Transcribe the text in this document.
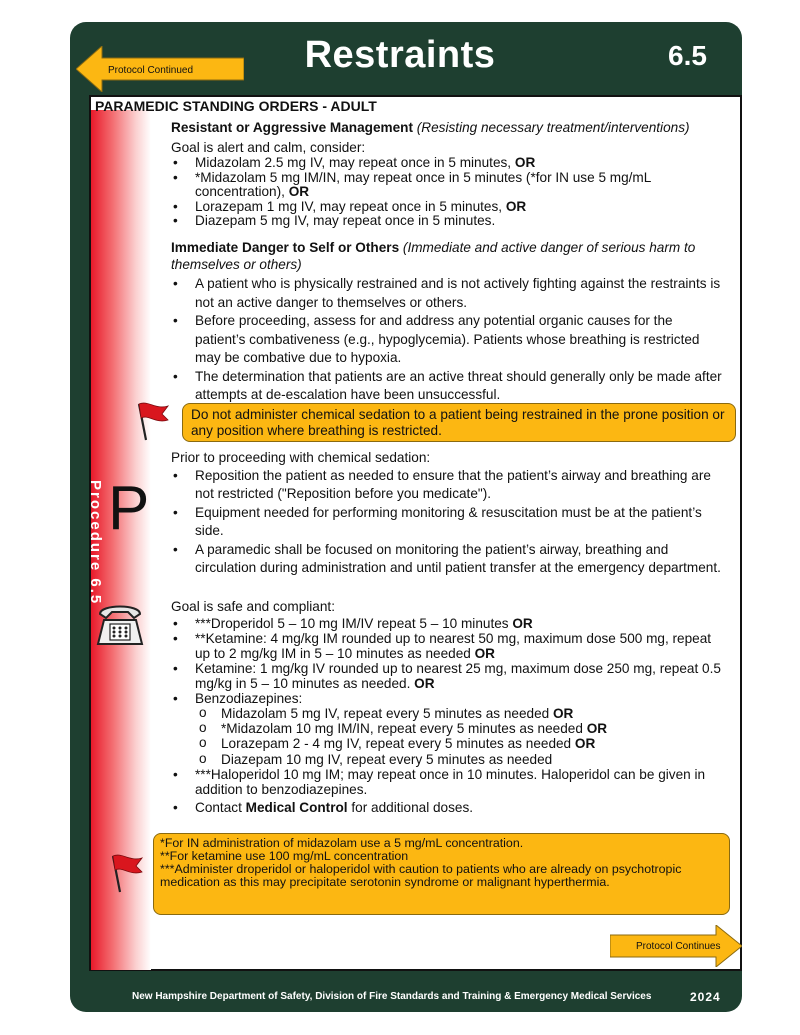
Protocol Continued	Restraints	6.5
Procedure 6.5 P
PARAMEDIC STANDING ORDERS - ADULT
Resistant or Aggressive Management (Resisting necessary treatment/interventions)
Goal is alert and calm, consider:
• Midazolam 2.5 mg IV, may repeat once in 5 minutes, OR
• *Midazolam 5 mg IM/IN, may repeat once in 5 minutes (*for IN use 5 mg/mL concentration), OR
• Lorazepam 1 mg IV, may repeat once in 5 minutes, OR
• Diazepam 5 mg IV, may repeat once in 5 minutes.
Immediate Danger to Self or Others (Immediate and active danger of serious harm to themselves or others)
• A patient who is physically restrained and is not actively fighting against the restraints is not an active danger to themselves or others.
• Before proceeding, assess for and address any potential organic causes for the patient’s combativeness (e.g., hypoglycemia). Patients whose breathing is restricted may be combative due to hypoxia.
• The determination that patients are an active threat should generally only be made after attempts at de-escalation have been unsuccessful.
Do not administer chemical sedation to a patient being restrained in the prone position or any position where breathing is restricted.
Prior to proceeding with chemical sedation:
• Reposition the patient as needed to ensure that the patient’s airway and breathing are not restricted ("Reposition before you medicate").
• Equipment needed for performing monitoring & resuscitation must be at the patient’s side.
• A paramedic shall be focused on monitoring the patient’s airway, breathing and circulation during administration and until patient transfer at the emergency department.
Goal is safe and compliant:
• ***Droperidol 5 – 10 mg IM/IV repeat 5 – 10 minutes OR
• **Ketamine: 4 mg/kg IM rounded up to nearest 50 mg, maximum dose 500 mg, repeat up to 2 mg/kg IM in 5 – 10 minutes as needed OR
• Ketamine: 1 mg/kg IV rounded up to nearest 25 mg, maximum dose 250 mg, repeat 0.5 mg/kg in 5 – 10 minutes as needed. OR
• Benzodiazepines:
o Midazolam 5 mg IV, repeat every 5 minutes as needed OR
o *Midazolam 10 mg IM/IN, repeat every 5 minutes as needed OR
o Lorazepam 2 - 4 mg IV, repeat every 5 minutes as needed OR
o Diazepam 10 mg IV, repeat every 5 minutes as needed
• ***Haloperidol 10 mg IM; may repeat once in 10 minutes. Haloperidol can be given in addition to benzodiazepines.
• Contact Medical Control for additional doses.
*For IN administration of midazolam use a 5 mg/mL concentration.
**For ketamine use 100 mg/mL concentration
***Administer droperidol or haloperidol with caution to patients who are already on psychotropic medication as this may precipitate serotonin syndrome or malignant hyperthermia.
Protocol Continues
New Hampshire Department of Safety, Division of Fire Standards and Training & Emergency Medical Services	2024
